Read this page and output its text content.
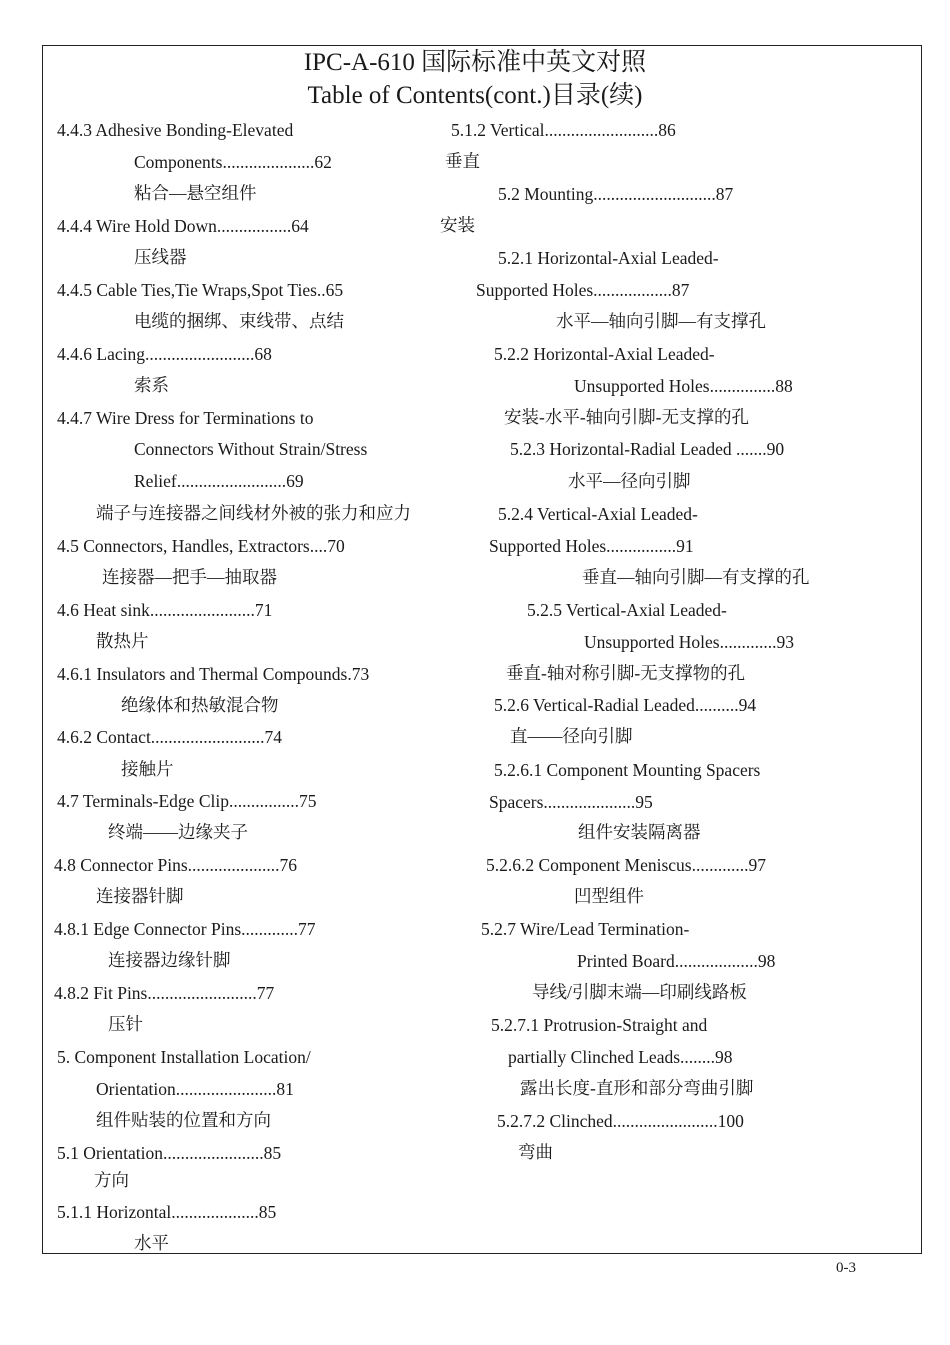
IPC-A-610 国际标准中英文对照
Table of Contents(cont.)目录(续)
4.4.3 Adhesive Bonding-Elevated
Components.....................62
粘合—悬空组件
4.4.4 Wire Hold Down.................64
压线器
4.4.5 Cable Ties,Tie Wraps,Spot Ties..65
电缆的捆绑、束线带、点结
4.4.6 Lacing.........................68
索系
4.4.7 Wire Dress for Terminations to
Connectors Without Strain/Stress
Relief.........................69
端子与连接器之间线材外被的张力和应力
4.5 Connectors, Handles, Extractors....70
连接器—把手—抽取器
4.6 Heat sink........................71
散热片
4.6.1 Insulators and Thermal Compounds.73
绝缘体和热敏混合物
4.6.2 Contact..........................74
接触片
4.7 Terminals-Edge Clip................75
终端——边缘夹子
4.8 Connector Pins.....................76
连接器针脚
4.8.1 Edge Connector Pins.............77
连接器边缘针脚
4.8.2 Fit Pins.........................77
压针
5. Component Installation Location/
Orientation.......................81
组件贴装的位置和方向
5.1 Orientation.......................85
方向
5.1.1 Horizontal....................85
水平
5.1.2 Vertical..........................86
垂直
5.2 Mounting............................87
安装
5.2.1 Horizontal-Axial Leaded-
Supported Holes..................87
水平—轴向引脚—有支撑孔
5.2.2 Horizontal-Axial Leaded-
Unsupported Holes...............88
安装-水平-轴向引脚-无支撑的孔
5.2.3 Horizontal-Radial Leaded .......90
水平—径向引脚
5.2.4 Vertical-Axial Leaded-
Supported Holes................91
垂直—轴向引脚—有支撑的孔
5.2.5 Vertical-Axial Leaded-
Unsupported Holes.............93
垂直-轴对称引脚-无支撑物的孔
5.2.6 Vertical-Radial Leaded..........94
直——径向引脚
5.2.6.1 Component Mounting Spacers
Spacers.....................95
组件安装隔离器
5.2.6.2 Component Meniscus.............97
凹型组件
5.2.7 Wire/Lead Termination-
Printed Board...................98
导线/引脚末端—印刷线路板
5.2.7.1 Protrusion-Straight and
partially Clinched Leads........98
露出长度-直形和部分弯曲引脚
5.2.7.2 Clinched........................100
弯曲
0-3
